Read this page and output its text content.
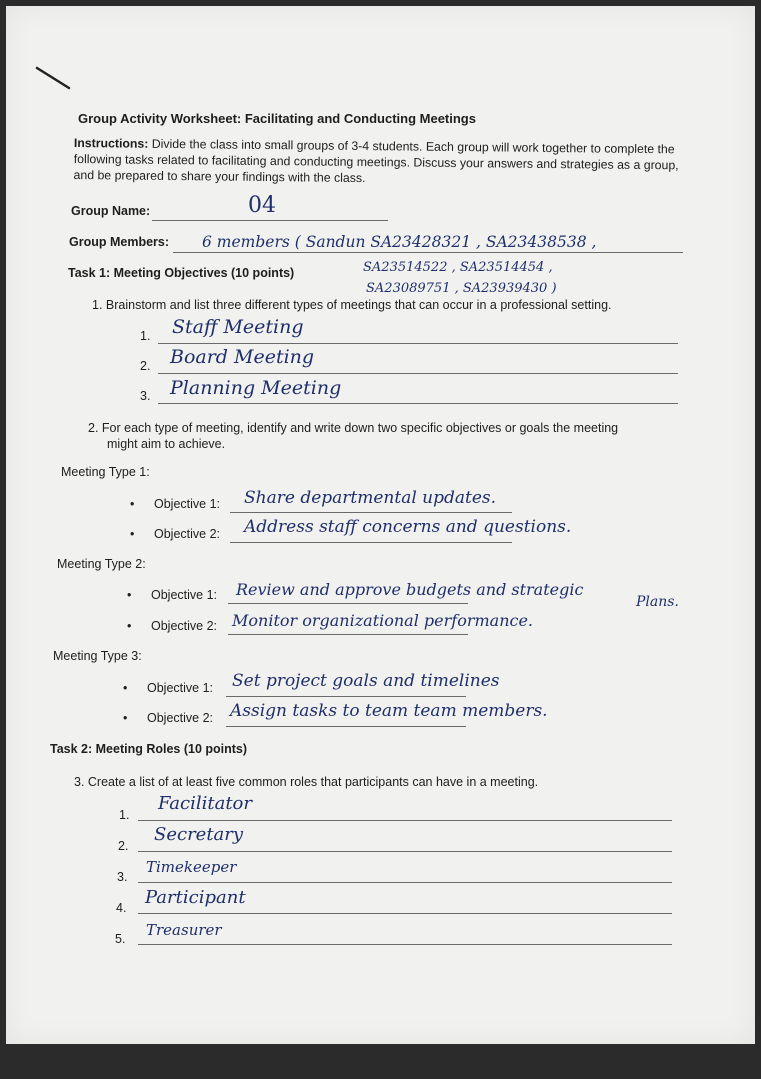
Group Activity Worksheet: Facilitating and Conducting Meetings
Instructions: Divide the class into small groups of 3-4 students. Each group will work together to complete the following tasks related to facilitating and conducting meetings. Discuss your answers and strategies as a group, and be prepared to share your findings with the class.
Group Name:	04
Group Members: 6 members ( Sandun SA23428321 , SA23438538 ,
SA23514522 , SA23514454 ,
SA23089751 , SA23939430 )
Task 1: Meeting Objectives (10 points)
1. Brainstorm and list three different types of meetings that can occur in a professional setting.
1. Staff Meeting
2. Board Meeting
3. Planning Meeting
2. For each type of meeting, identify and write down two specific objectives or goals the meeting
might aim to achieve.
Meeting Type 1:
• Objective 1: Share departmental updates.
• Objective 2: Address staff concerns and questions.
Meeting Type 2:
• Objective 1: Review and approve budgets and strategic
Plans.
• Objective 2: Monitor organizational performance.
Meeting Type 3:
• Objective 1: Set project goals and timelines
• Objective 2: Assign tasks to team team members.
Task 2: Meeting Roles (10 points)
3. Create a list of at least five common roles that participants can have in a meeting.
1.
Facilitator
2.
Secretary
3.
Timekeeper
4. Participant
5. Treasurer
